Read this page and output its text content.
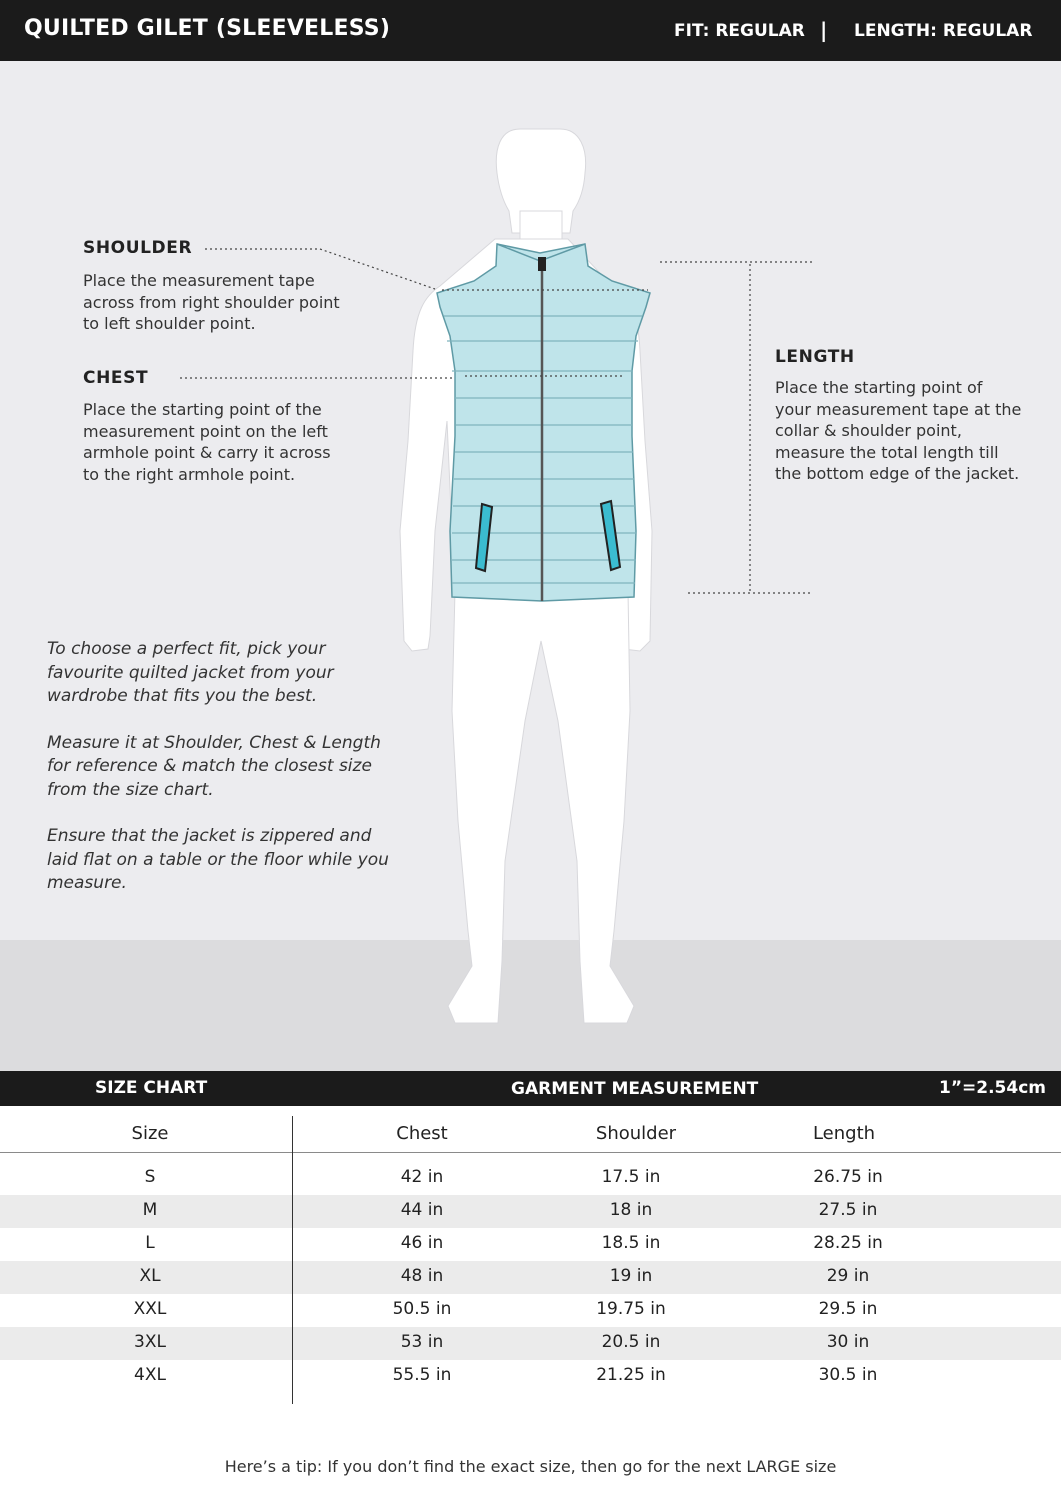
QUILTED GILET (SLEEVELESS)	FIT: REGULAR | LENGTH: REGULAR
SHOULDER
Place the measurement tape
across from right shoulder point
to left shoulder point.
CHEST
Place the starting point of the
measurement point on the left
armhole point & carry it across
to the right armhole point.
LENGTH
Place the starting point of
your measurement tape at the
collar & shoulder point,
measure the total length till
the bottom edge of the jacket.
To choose a perfect fit, pick your
favourite quilted jacket from your
wardrobe that fits you the best.
Measure it at Shoulder, Chest & Length
for reference & match the closest size
from the size chart.
Ensure that the jacket is zippered and
laid flat on a table or the floor while you
measure.
SIZE CHART	GARMENT MEASUREMENT	1”=2.54cm
Size	Chest	Shoulder	Length
S	42 in	17.5 in	26.75 in
M	44 in	18 in	27.5 in
L	46 in	18.5 in	28.25 in
XL	48 in	19 in	29 in
XXL	50.5 in	19.75 in	29.5 in
3XL	53 in	20.5 in	30 in
4XL	55.5 in	21.25 in	30.5 in
Here’s a tip: If you don’t find the exact size, then go for the next LARGE size
